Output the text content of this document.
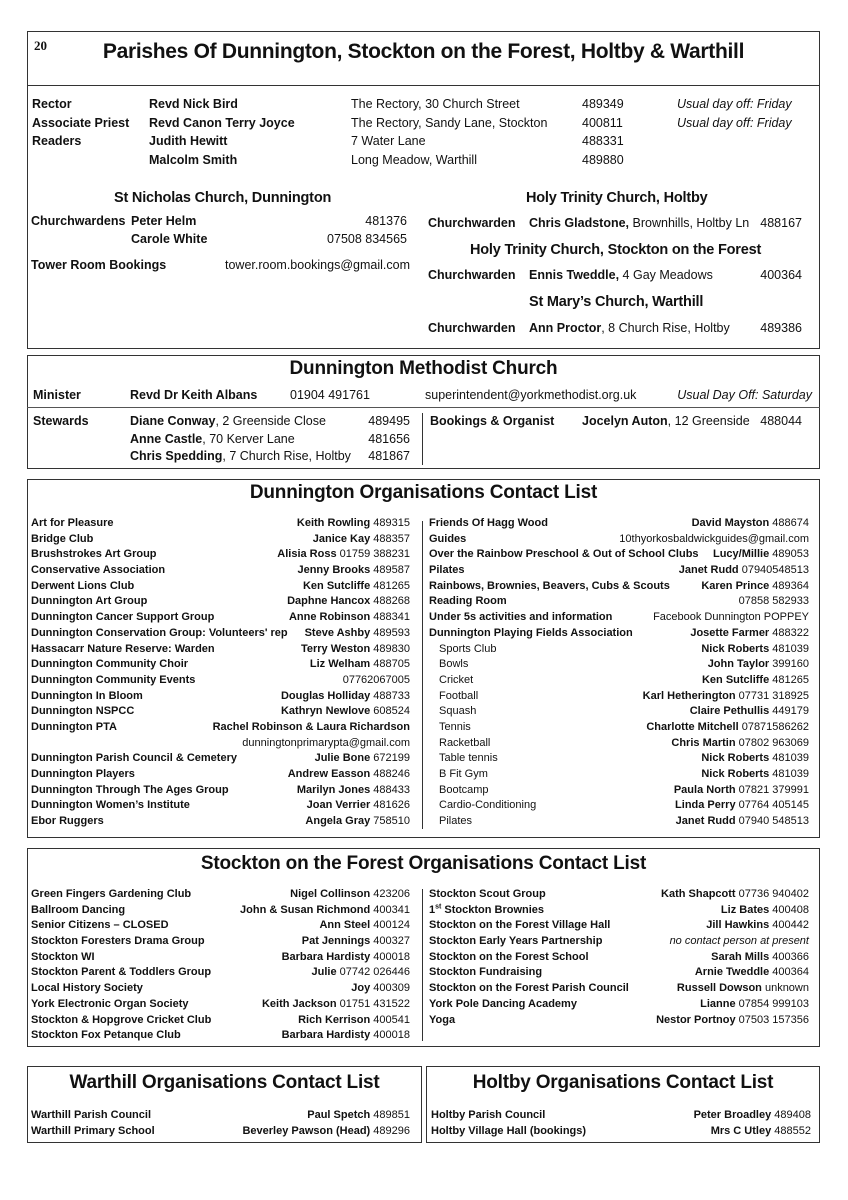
20	Parishes Of Dunnington, Stockton on the Forest, Holtby & Warthill
Rector	Revd Nick Bird	The Rectory, 30 Church Street	489349	Usual day off: Friday
Associate Priest Revd Canon Terry Joyce	The Rectory, Sandy Lane, Stockton	400811	Usual day off: Friday
Readers	Judith Hewitt	7 Water Lane	488331
Malcolm Smith	Long Meadow, Warthill	489880
St Nicholas Church, Dunnington
Churchwardens Peter Helm	481376
Carole White	07508 834565
Tower Room Bookings	tower.room.bookings@gmail.com
Holy Trinity Church, Holtby
Churchwarden Chris Gladstone, Brownhills, Holtby Ln 488167
Holy Trinity Church, Stockton on the Forest
Churchwarden Ennis Tweddle, 4 Gay Meadows	400364
St Mary’s Church, Warthill
Churchwarden Ann Proctor, 8 Church Rise, Holtby 489386
Dunnington Methodist Church
Minister	Revd Dr Keith Albans	01904 491761	superintendent@yorkmethodist.org.uk	Usual Day Off: Saturday
Stewards	Diane Conway, 2 Greenside Close	489495
Anne Castle, 70 Kerver Lane	481656
Chris Spedding, 7 Church Rise, Holtby 481867
Bookings & Organist Jocelyn Auton, 12 Greenside 488044
Dunnington Organisations Contact List
Art for Pleasure	Keith Rowling 489315
Bridge Club	Janice Kay 488357
Brushstrokes Art Group	Alisia Ross 01759 388231
Conservative Association	Jenny Brooks 489587
Derwent Lions Club	Ken Sutcliffe 481265
Dunnington Art Group	Daphne Hancox 488268
Dunnington Cancer Support Group	Anne Robinson 488341
Dunnington Conservation Group: Volunteers' rep Steve Ashby 489593
Hassacarr Nature Reserve: Warden	Terry Weston 489830
Dunnington Community Choir	Liz Welham 488705
Dunnington Community Events	07762067005
Dunnington In Bloom	Douglas Holliday 488733
Dunnington NSPCC	Kathryn Newlove 608524
Dunnington PTA	Rachel Robinson & Laura Richardson
dunningtonprimarypta@gmail.com
Dunnington Parish Council & Cemetery	Julie Bone 672199
Dunnington Players	Andrew Easson 488246
Dunnington Through The Ages Group	Marilyn Jones 488433
Dunnington Women’s Institute	Joan Verrier 481626
Ebor Ruggers	Angela Gray 758510
Friends Of Hagg Wood	David Mayston 488674
Guides	10thyorkosbaldwickguides@gmail.com
Over the Rainbow Preschool & Out of School Clubs Lucy/Millie 489053
Pilates	Janet Rudd 07940548513
Rainbows, Brownies, Beavers, Cubs & Scouts	Karen Prince 489364
Reading Room	07858 582933
Under 5s activities and information	Facebook Dunnington POPPEY
Dunnington Playing Fields Association	Josette Farmer 488322
Sports Club	Nick Roberts 481039
Bowls	John Taylor 399160
Cricket	Ken Sutcliffe 481265
Football	Karl Hetherington 07731 318925
Squash	Claire Pethullis 449179
Tennis	Charlotte Mitchell 07871586262
Racketball	Chris Martin 07802 963069
Table tennis	Nick Roberts 481039
B Fit Gym	Nick Roberts 481039
Bootcamp	Paula North 07821 379991
Cardio-Conditioning	Linda Perry 07764 405145
Pilates	Janet Rudd 07940 548513
Stockton on the Forest Organisations Contact List
Green Fingers Gardening Club	Nigel Collinson 423206
Ballroom Dancing	John & Susan Richmond 400341
Senior Citizens – CLOSED	Ann Steel 400124
Stockton Foresters Drama Group	Pat Jennings 400327
Stockton WI	Barbara Hardisty 400018
Stockton Parent & Toddlers Group	Julie 07742 026446
Local History Society	Joy 400309
York Electronic Organ Society	Keith Jackson 01751 431522
Stockton & Hopgrove Cricket Club	Rich Kerrison 400541
Stockton Fox Petanque Club	Barbara Hardisty 400018
Stockton Scout Group	Kath Shapcott 07736 940402
1st Stockton Brownies	Liz Bates 400408
Stockton on the Forest Village Hall	Jill Hawkins 400442
Stockton Early Years Partnership	no contact person at present
Stockton on the Forest School	Sarah Mills 400366
Stockton Fundraising	Arnie Tweddle 400364
Stockton on the Forest Parish Council	Russell Dowson unknown
York Pole Dancing Academy	Lianne 07854 999103
Yoga	Nestor Portnoy 07503 157356
Warthill Organisations Contact List
Warthill Parish Council	Paul Spetch 489851
Warthill Primary School	Beverley Pawson (Head) 489296
Holtby Organisations Contact List
Holtby Parish Council	Peter Broadley 489408
Holtby Village Hall (bookings)	Mrs C Utley 488552
